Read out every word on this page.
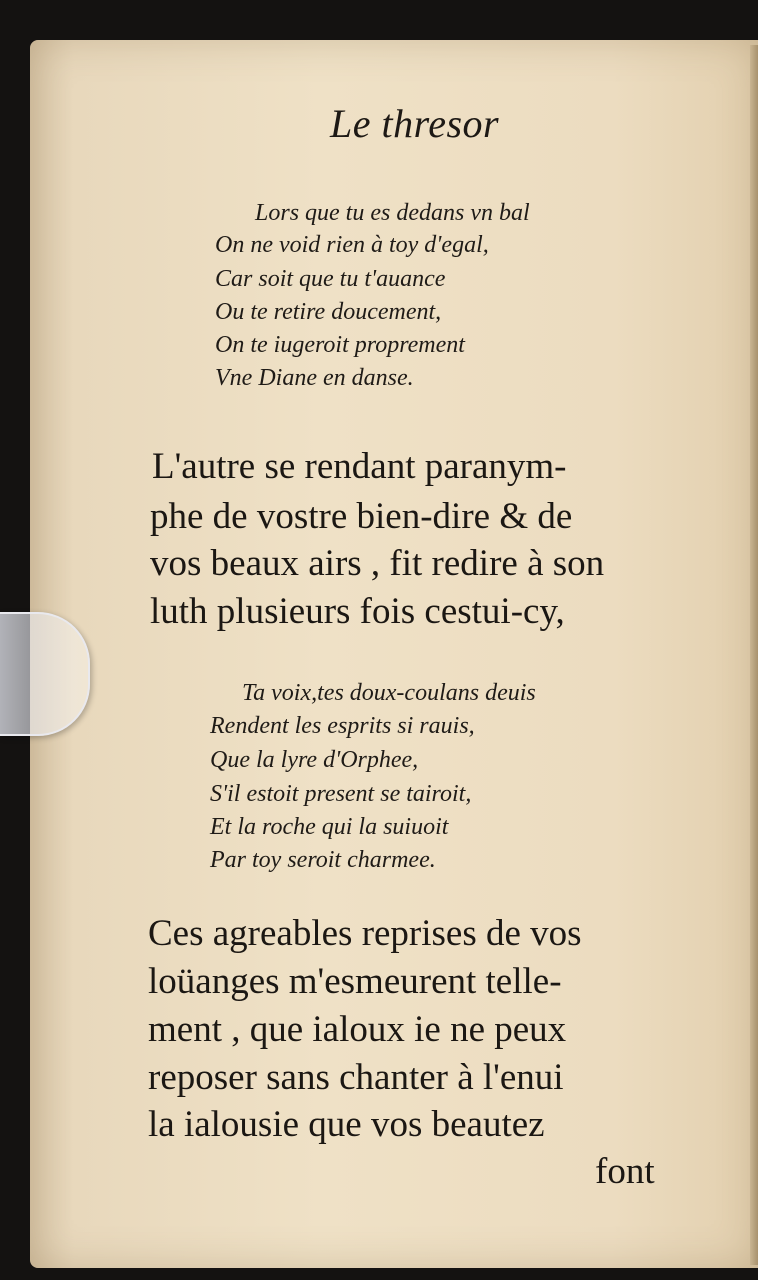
Le thresor
Lors que tu es dedans vn bal
On ne void rien à toy d'egal,
Car soit que tu t'auance
Ou te retire doucement,
On te iugeroit proprement
Vne Diane en danse.
L'autre se rendant paranym-
phe de vostre bien-dire & de
vos beaux airs , fit redire à son
luth plusieurs fois cestui-cy,
Ta voix,tes doux-coulans deuis
Rendent les esprits si rauis,
Que la lyre d'Orphee,
S'il estoit present se tairoit,
Et la roche qui la suiuoit
Par toy seroit charmee.
Ces agreables reprises de vos
loüanges m'esmeurent telle-
ment , que ialoux ie ne peux
reposer sans chanter à l'enui
la ialousie que vos beautez
font
